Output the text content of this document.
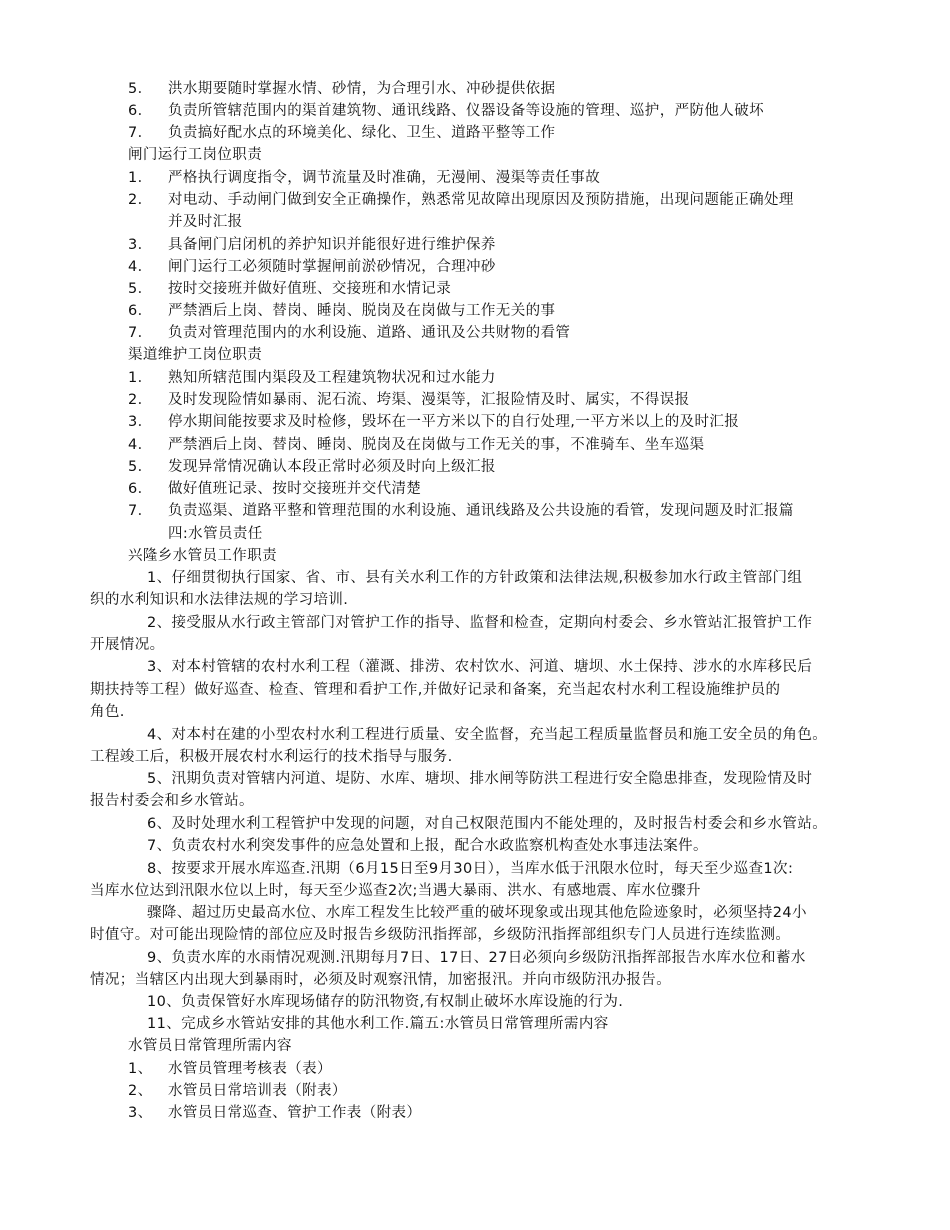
5． 洪水期要随时掌握水情、砂情，为合理引水、冲砂提供依据
6． 负责所管辖范围内的渠首建筑物、通讯线路、仪器设备等设施的管理、巡护，严防他人破坏
7． 负责搞好配水点的环境美化、绿化、卫生、道路平整等工作
闸门运行工岗位职责
1． 严格执行调度指令，调节流量及时准确，无漫闸、漫渠等责任事故
2． 对电动、手动闸门做到安全正确操作，熟悉常见故障出现原因及预防措施，出现问题能正确处理
并及时汇报
3． 具备闸门启闭机的养护知识并能很好进行维护保养
4． 闸门运行工必须随时掌握闸前淤砂情况，合理冲砂
5． 按时交接班并做好值班、交接班和水情记录
6． 严禁酒后上岗、替岗、睡岗、脱岗及在岗做与工作无关的事
7． 负责对管理范围内的水利设施、道路、通讯及公共财物的看管
渠道维护工岗位职责
1． 熟知所辖范围内渠段及工程建筑物状况和过水能力
2． 及时发现险情如暴雨、泥石流、垮渠、漫渠等，汇报险情及时、属实，不得误报
3． 停水期间能按要求及时检修，毁坏在一平方米以下的自行处理,一平方米以上的及时汇报
4． 严禁酒后上岗、替岗、睡岗、脱岗及在岗做与工作无关的事，不准骑车、坐车巡渠
5． 发现异常情况确认本段正常时必须及时向上级汇报
6． 做好值班记录、按时交接班并交代清楚
7． 负责巡渠、道路平整和管理范围的水利设施、通讯线路及公共设施的看管，发现问题及时汇报篇
四:水管员责任
兴隆乡水管员工作职责
1、仔细贯彻执行国家、省、市、县有关水利工作的方针政策和法律法规,积极参加水行政主管部门组
织的水利知识和水法律法规的学习培训.
2、接受服从水行政主管部门对管护工作的指导、监督和检查，定期向村委会、乡水管站汇报管护工作
开展情况。
3、对本村管辖的农村水利工程（灌溉、排涝、农村饮水、河道、塘坝、水土保持、涉水的水库移民后
期扶持等工程）做好巡查、检查、管理和看护工作,并做好记录和备案，充当起农村水利工程设施维护员的
角色.
4、对本村在建的小型农村水利工程进行质量、安全监督，充当起工程质量监督员和施工安全员的角色。
工程竣工后，积极开展农村水利运行的技术指导与服务.
5、汛期负责对管辖内河道、堤防、水库、塘坝、排水闸等防洪工程进行安全隐患排查，发现险情及时
报告村委会和乡水管站。
6、及时处理水利工程管护中发现的问题，对自己权限范围内不能处理的，及时报告村委会和乡水管站。
7、负责农村水利突发事件的应急处置和上报，配合水政监察机构查处水事违法案件。
8、按要求开展水库巡查.汛期（6月15日至9月30日），当库水低于汛限水位时，每天至少巡查1次:
当库水位达到汛限水位以上时，每天至少巡查2次;当遇大暴雨、洪水、有感地震、库水位骤升
骤降、超过历史最高水位、水库工程发生比较严重的破坏现象或出现其他危险迹象时，必须坚持24小
时值守。对可能出现险情的部位应及时报告乡级防汛指挥部，乡级防汛指挥部组织专门人员进行连续监测。
9、负责水库的水雨情况观测.汛期每月7日、17日、27日必须向乡级防汛指挥部报告水库水位和蓄水
情况；当辖区内出现大到暴雨时，必须及时观察汛情，加密报汛。并向市级防汛办报告。
10、负责保管好水库现场储存的防汛物资,有权制止破坏水库设施的行为.
11、完成乡水管站安排的其他水利工作.篇五:水管员日常管理所需内容
水管员日常管理所需内容
1、 水管员管理考核表（表）
2、 水管员日常培训表（附表）
3、 水管员日常巡查、管护工作表（附表）
